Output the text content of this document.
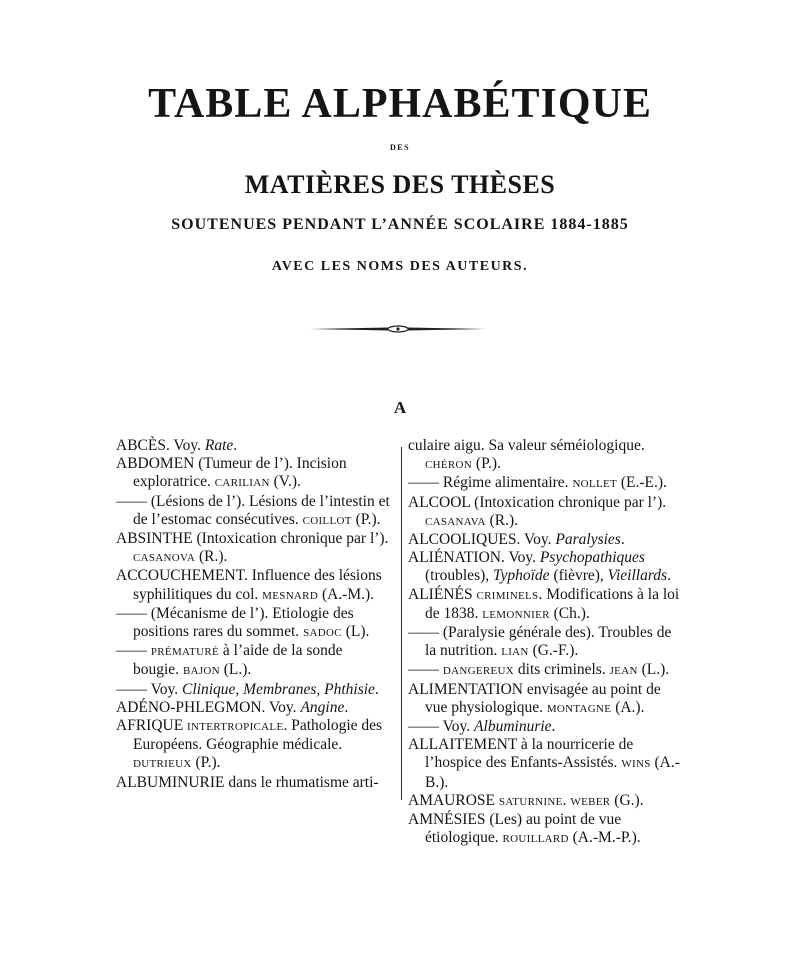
TABLE ALPHABÉTIQUE
DES
MATIÈRES DES THÈSES
SOUTENUES PENDANT L’ANNÉE SCOLAIRE 1884-1885
AVEC LES NOMS DES AUTEURS.
A

ABCÈS. Voy. Rate.

ABDOMEN (Tumeur de l’). Incision exploratrice. CARILIAN (V.).

—— (Lésions de l’). Lésions de l’intestin et de l’estomac consécutives. COILLOT (P.).

ABSINTHE (Intoxication chronique par l’). CASANOVA (R.).

ACCOUCHEMENT. Influence des lésions syphilitiques du col. MESNARD (A.-M.).

—— (Mécanisme de l’). Etiologie des positions rares du sommet. SADOC (L).

—— PRÉMATURÉ à l’aide de la sonde bougie. BAJON (L.).

—— Voy. Clinique, Membranes, Phthisie.

ADÉNO-PHLEGMON. Voy. Angine.

AFRIQUE INTERTROPICALE. Pathologie des Européens. Géographie médicale. DUTRIEUX (P.).

ALBUMINURIE dans le rhumatisme arti-

culaire aigu. Sa valeur séméiologique. CHÉRON (P.).

—— Régime alimentaire. NOLLET (E.-E.).

ALCOOL (Intoxication chronique par l’). CASANAVA (R.).

ALCOOLIQUES. Voy. Paralysies.

ALIÉNATION. Voy. Psychopathiques (troubles), Typhoïde (fièvre), Vieillards.

ALIÉNÉS CRIMINELS. Modifications à la loi de 1838. LEMONNIER (Ch.).

—— (Paralysie générale des). Troubles de la nutrition. LIAN (G.-F.).

—— DANGEREUX dits criminels. JEAN (L.).

ALIMENTATION envisagée au point de vue physiologique. MONTAGNE (A.).

—— Voy. Albuminurie.

ALLAITEMENT à la nourricerie de l’hospice des Enfants-Assistés. WINS (A.-B.).

AMAUROSE SATURNINE. WEBER (G.).

AMNÉSIES (Les) au point de vue étiologique. ROUILLARD (A.-M.-P.).
